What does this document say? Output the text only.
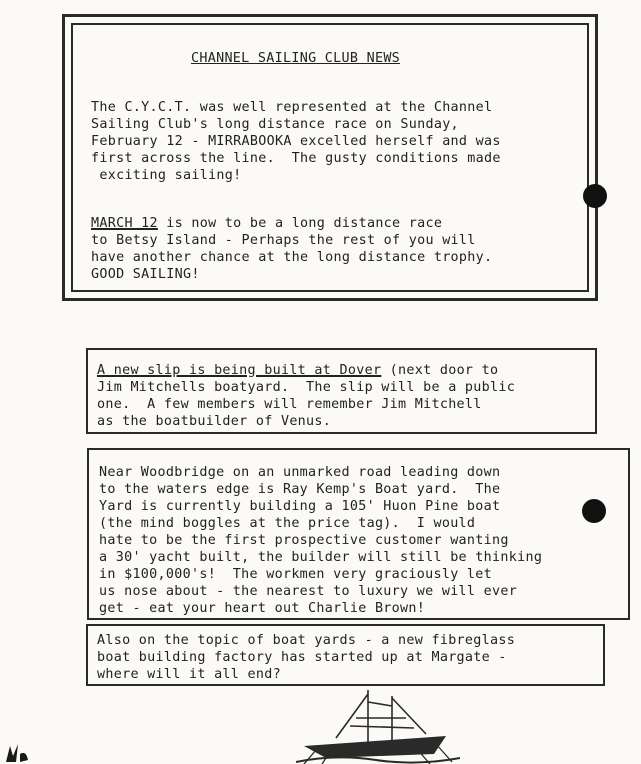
CHANNEL SAILING CLUB NEWS
The C.Y.C.T. was well represented at the Channel
Sailing Club's long distance race on Sunday,
February 12 - MIRRABOOKA excelled herself and was
first across the line.  The gusty conditions made
exciting sailing!
MARCH 12 is now to be a long distance race
to Betsy Island - Perhaps the rest of you will
have another chance at the long distance trophy.
GOOD SAILING!
A new slip is being built at Dover (next door to
Jim Mitchells boatyard.  The slip will be a public
one.  A few members will remember Jim Mitchell
as the boatbuilder of Venus.
Near Woodbridge on an unmarked road leading down
to the waters edge is Ray Kemp's Boat yard.  The
Yard is currently building a 105' Huon Pine boat
(the mind boggles at the price tag).  I would
hate to be the first prospective customer wanting
a 30' yacht built, the builder will still be thinking
in $100,000's!  The workmen very graciously let
us nose about - the nearest to luxury we will ever
get - eat your heart out Charlie Brown!
Also on the topic of boat yards - a new fibreglass
boat building factory has started up at Margate -
where will it all end?
